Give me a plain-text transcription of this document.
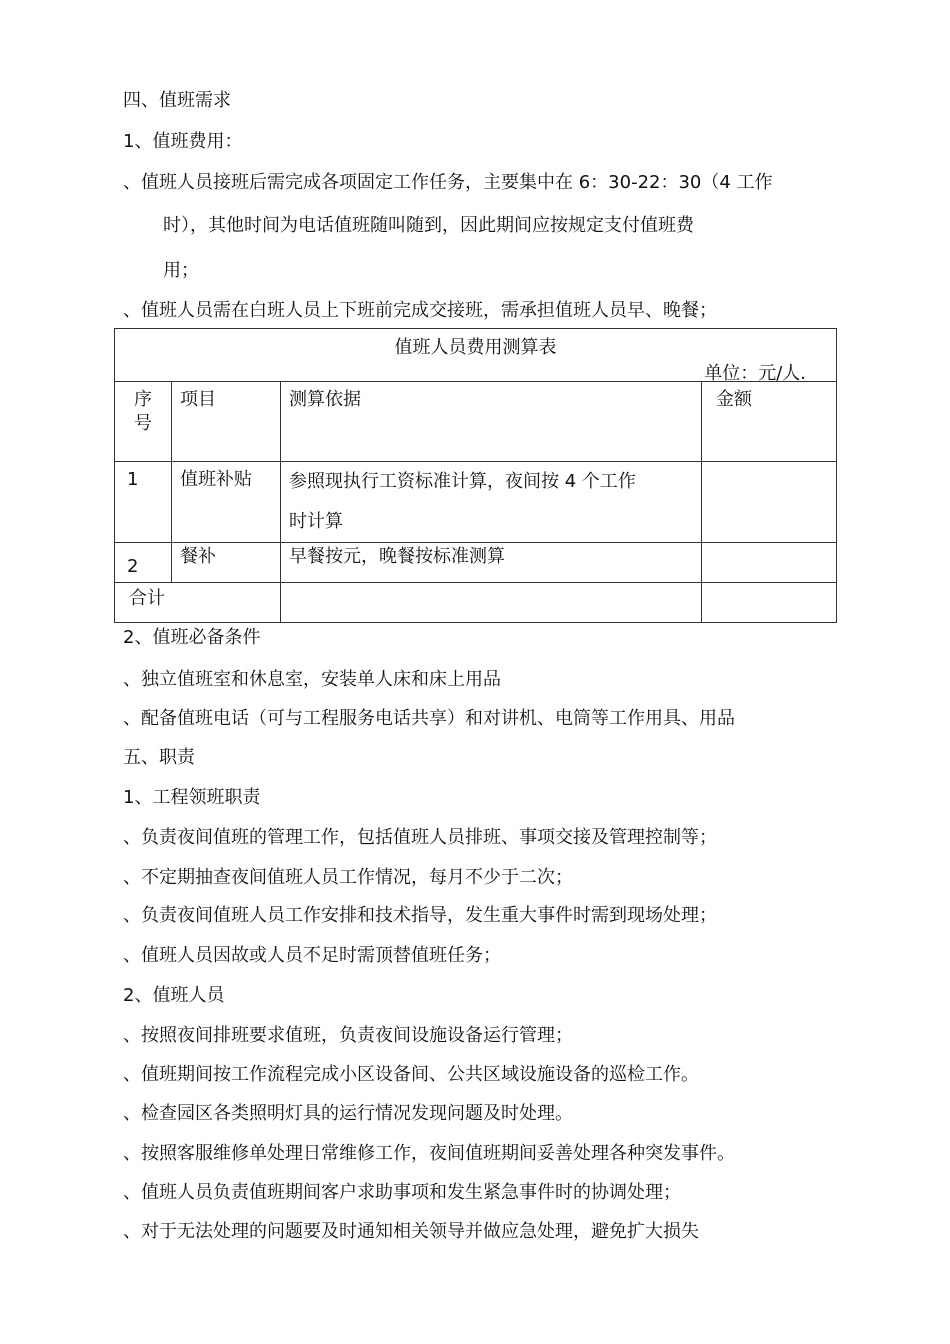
四、值班需求
1、值班费用：
、值班人员接班后需完成各项固定工作任务，主要集中在 6：30-22：30（4 工作
时），其他时间为电话值班随叫随到，因此期间应按规定支付值班费
用；
、值班人员需在白班人员上下班前完成交接班，需承担值班人员早、晚餐；
值班人员费用测算表
单位：元/人.			

序
号	项目	测算依据	金额
1	值班补贴	参照现执行工资标准计算，夜间按 4 个工作
时计算	

2	餐补	早餐按元，晚餐按标准测算	
合计			
2、值班必备条件
、独立值班室和休息室，安装单人床和床上用品
、配备值班电话（可与工程服务电话共享）和对讲机、电筒等工作用具、用品
五、职责
1、工程领班职责
、负责夜间值班的管理工作，包括值班人员排班、事项交接及管理控制等；
、不定期抽查夜间值班人员工作情况，每月不少于二次；
、负责夜间值班人员工作安排和技术指导，发生重大事件时需到现场处理；
、值班人员因故或人员不足时需顶替值班任务；
2、值班人员
、按照夜间排班要求值班，负责夜间设施设备运行管理；
、值班期间按工作流程完成小区设备间、公共区域设施设备的巡检工作。
、检查园区各类照明灯具的运行情况发现问题及时处理。
、按照客服维修单处理日常维修工作，夜间值班期间妥善处理各种突发事件。
、值班人员负责值班期间客户求助事项和发生紧急事件时的协调处理；
、对于无法处理的问题要及时通知相关领导并做应急处理，避免扩大损失
